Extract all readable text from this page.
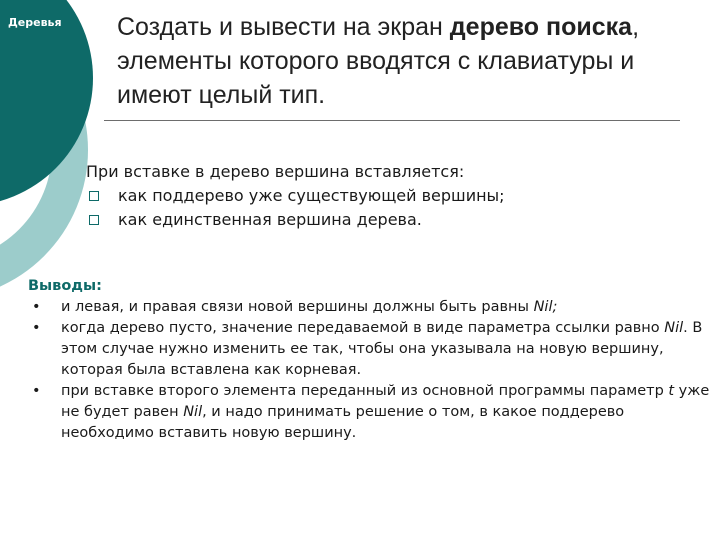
Деревья Создать и вывести на экран дерево поиска, элементы которого вводятся с клавиатуры и имеют целый тип.
При вставке в дерево вершина вставляется:
как поддерево уже существующей вершины;
как единственная вершина дерева.
Выводы:
• и левая, и правая связи новой вершины должны быть равны Nil;
• когда дерево пусто, значение передаваемой в виде параметра ссылки равно Nil. В этом случае нужно изменить ее так, чтобы она указывала на новую вершину, которая была вставлена как корневая.
• при вставке второго элемента переданный из основной программы параметр t уже не будет равен Nil, и надо принимать решение о том, в какое поддерево необходимо вставить новую вершину.
